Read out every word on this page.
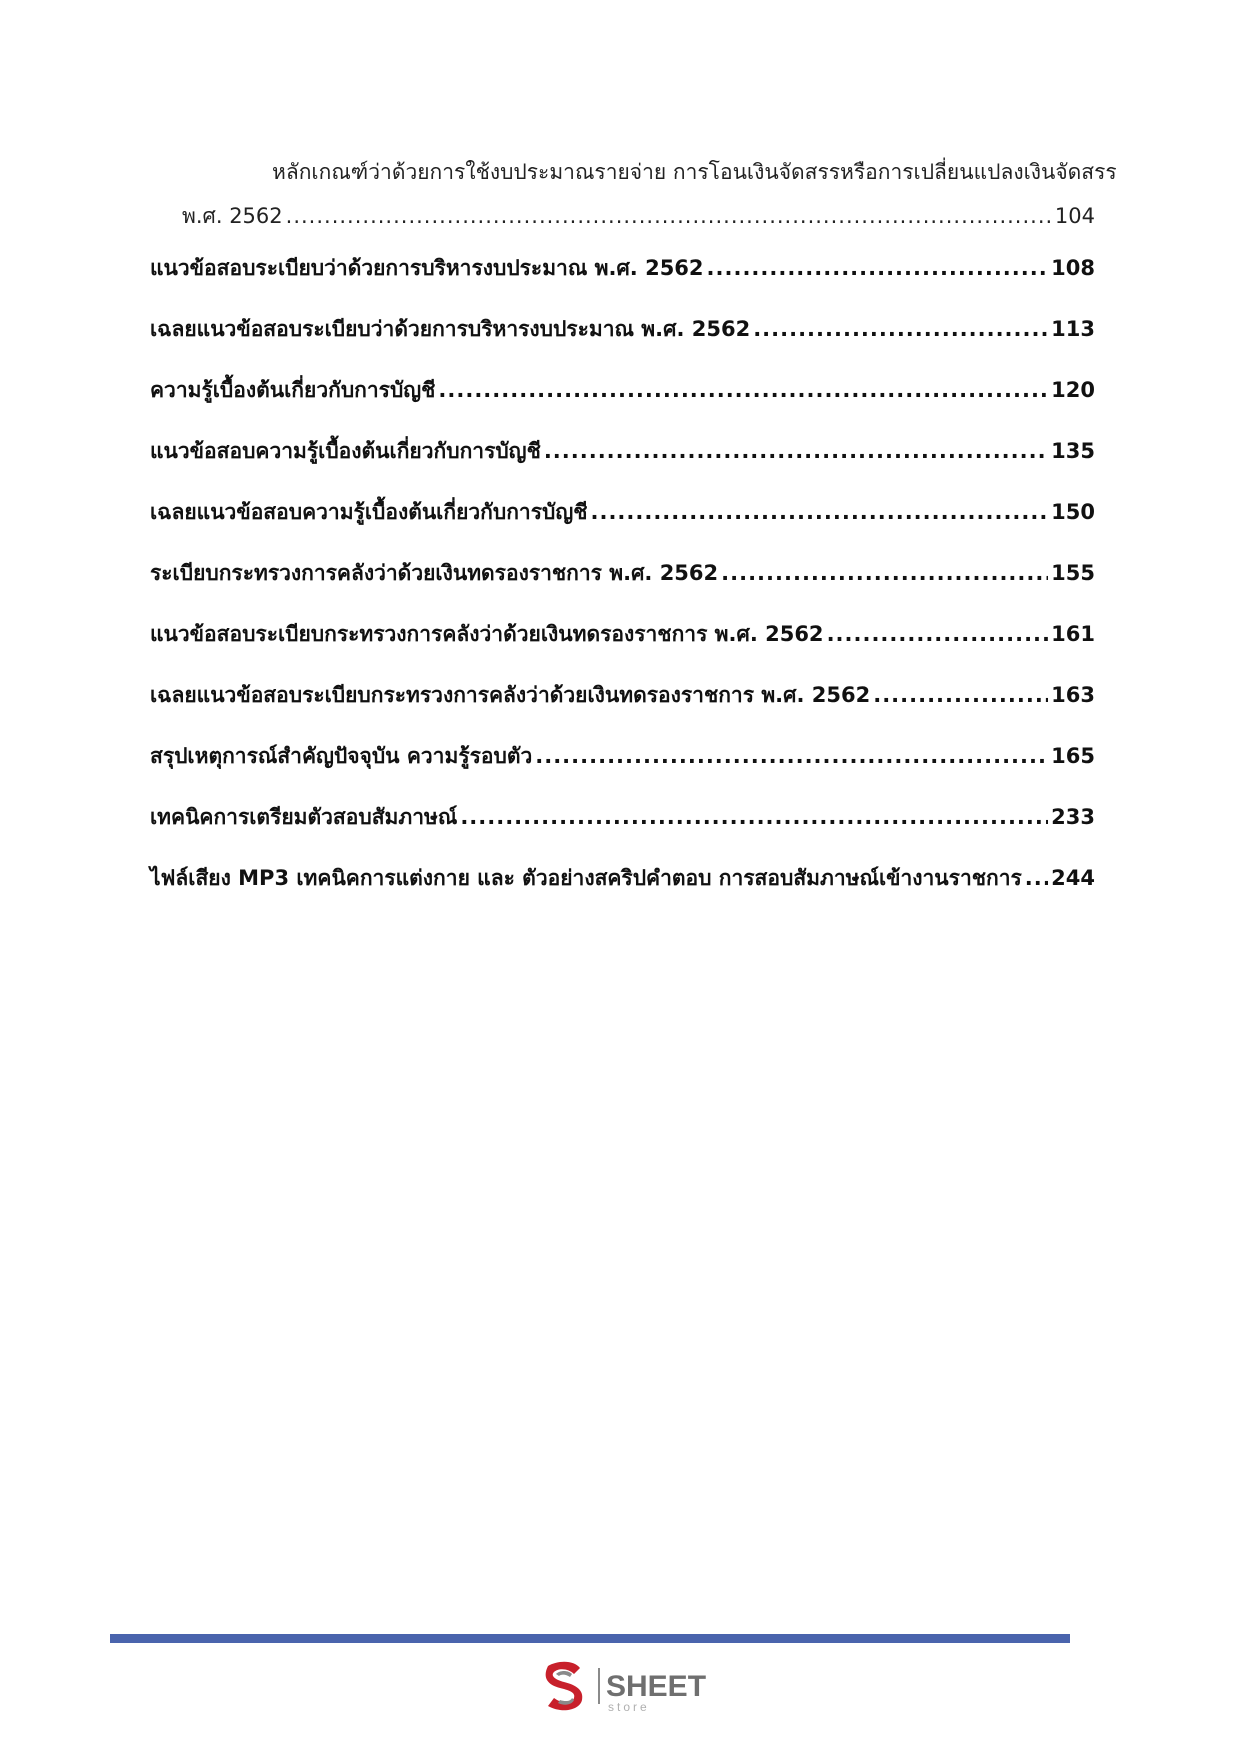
หลักเกณฑ์ว่าด้วยการใช้งบประมาณรายจ่าย การโอนเงินจัดสรรหรือการเปลี่ยนแปลงเงินจัดสรร
พ.ศ. 2562 .....	104
แนวข้อสอบระเบียบว่าด้วยการบริหารงบประมาณ พ.ศ. 2562 .....	108
เฉลยแนวข้อสอบระเบียบว่าด้วยการบริหารงบประมาณ พ.ศ. 2562 .....	113
ความรู้เบื้องต้นเกี่ยวกับการบัญชี .....	120
แนวข้อสอบความรู้เบื้องต้นเกี่ยวกับการบัญชี .....	135
เฉลยแนวข้อสอบความรู้เบื้องต้นเกี่ยวกับการบัญชี .....	150
ระเบียบกระทรวงการคลังว่าด้วยเงินทดรองราชการ พ.ศ. 2562 .....	155
แนวข้อสอบระเบียบกระทรวงการคลังว่าด้วยเงินทดรองราชการ พ.ศ. 2562 .....	161
เฉลยแนวข้อสอบระเบียบกระทรวงการคลังว่าด้วยเงินทดรองราชการ พ.ศ. 2562 .....	163
สรุปเหตุการณ์สำคัญปัจจุบัน ความรู้รอบตัว .....	165
เทคนิคการเตรียมตัวสอบสัมภาษณ์ .....	233
ไฟล์เสียง MP3 เทคนิคการแต่งกาย และ ตัวอย่างสคริปคำตอบ การสอบสัมภาษณ์เข้างานราชการ ..... 244
SHEET
store
